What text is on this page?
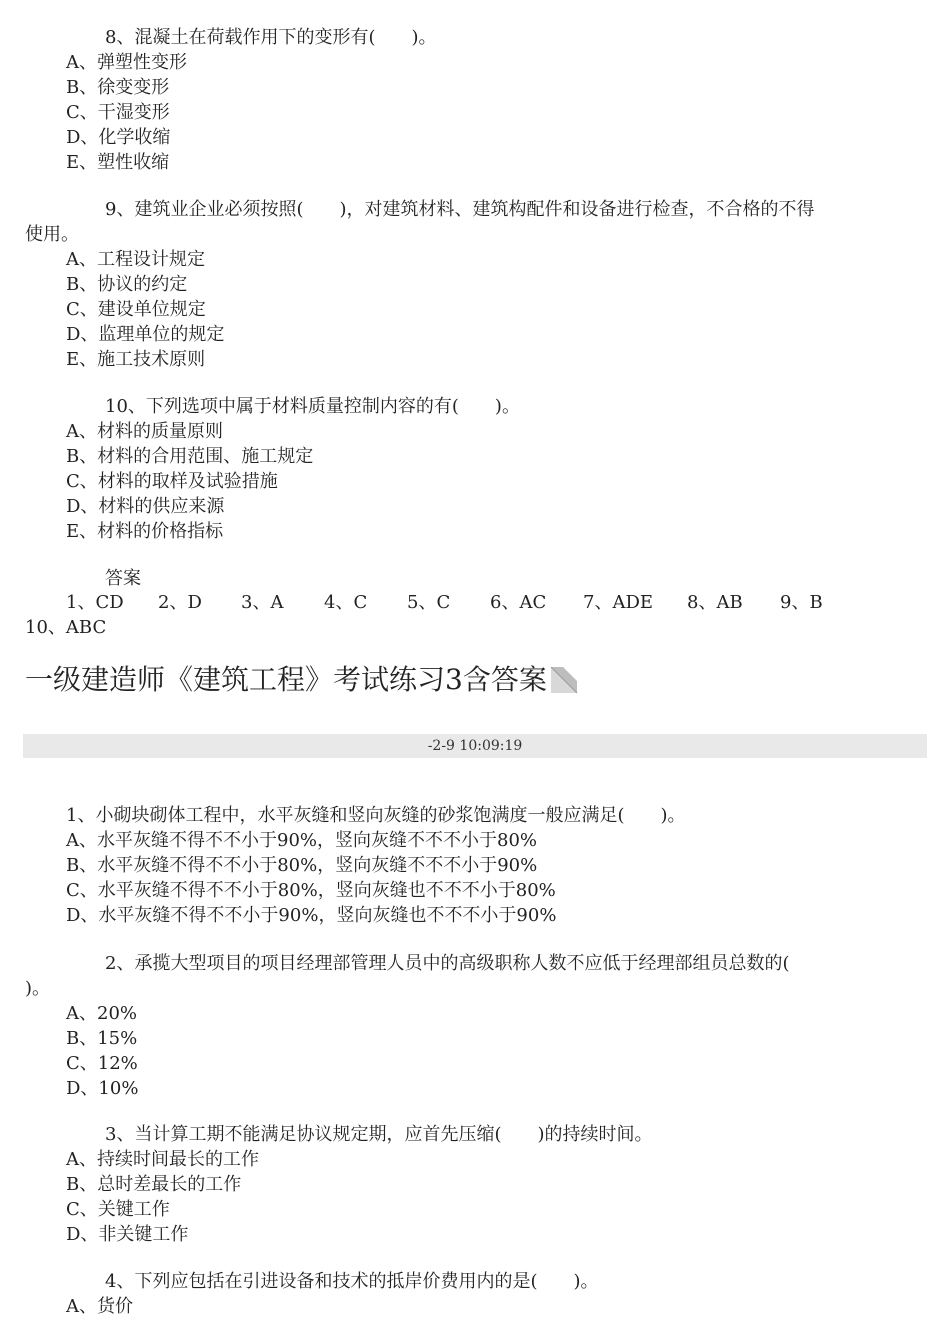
8、混凝土在荷载作用下的变形有(　　)。
A、弹塑性变形
B、徐变变形
C、干湿变形
D、化学收缩
E、塑性收缩
9、建筑业企业必须按照(　　)，对建筑材料、建筑构配件和设备进行检查，不合格的不得
使用。
A、工程设计规定
B、协议的约定
C、建设单位规定
D、监理单位的规定
E、施工技术原则
10、下列选项中属于材料质量控制内容的有(　　)。
A、材料的质量原则
B、材料的合用范围、施工规定
C、材料的取样及试验措施
D、材料的供应来源
E、材料的价格指标
答案
1、CD	2、D	3、A	4、C	5、C	6、AC	7、ADE	8、AB	9、B
10、ABC
一级建造师《建筑工程》考试练习3含答案
-2-9 10:09:19
1、小砌块砌体工程中，水平灰缝和竖向灰缝的砂浆饱满度一般应满足(　　)。
A、水平灰缝不得不不小于90%，竖向灰缝不不不小于80%
B、水平灰缝不得不不小于80%，竖向灰缝不不不小于90%
C、水平灰缝不得不不小于80%，竖向灰缝也不不不小于80%
D、水平灰缝不得不不小于90%，竖向灰缝也不不不小于90%
2、承揽大型项目的项目经理部管理人员中的高级职称人数不应低于经理部组员总数的(
)。
A、20%
B、15%
C、12%
D、10%
3、当计算工期不能满足协议规定期，应首先压缩(　　)的持续时间。
A、持续时间最长的工作
B、总时差最长的工作
C、关键工作
D、非关键工作
4、下列应包括在引进设备和技术的抵岸价费用内的是(　　)。
A、货价
